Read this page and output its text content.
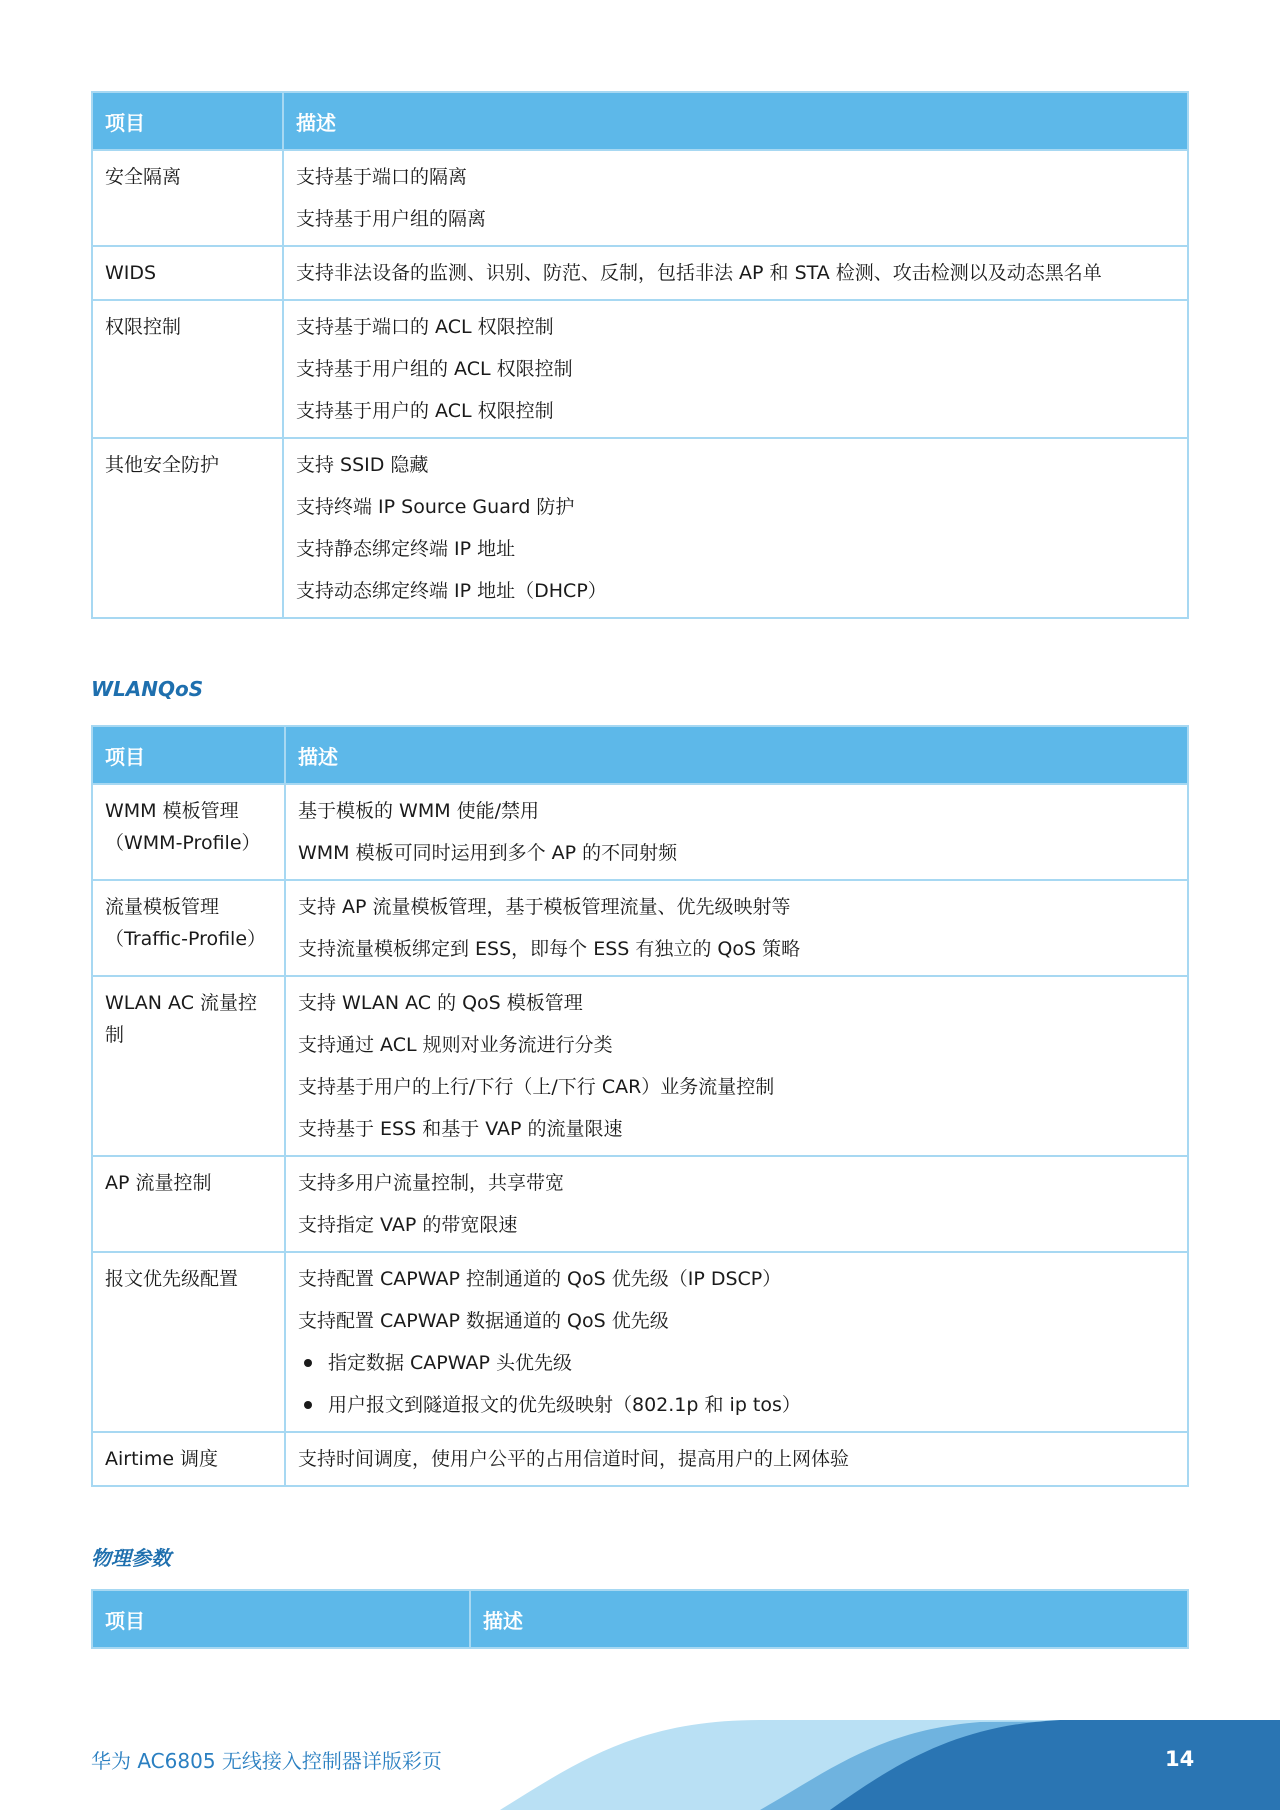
项目	描述
安全隔离	支持基于端口的隔离
支持基于用户组的隔离

WIDS	支持非法设备的监测、识别、防范、反制，包括非法 AP 和 STA 检测、攻击检测以及动态黑名单

权限控制	支持基于端口的 ACL 权限控制
支持基于用户组的 ACL 权限控制
支持基于用户的 ACL 权限控制

其他安全防护	支持 SSID 隐藏
支持终端 IP Source Guard 防护
支持静态绑定终端 IP 地址
支持动态绑定终端 IP 地址（DHCP）
WLANQoS
项目	描述
WMM 模板管理
（WMM-Profile）	基于模板的 WMM 使能/禁用
WMM 模板可同时运用到多个 AP 的不同射频

流量模板管理
（Traffic-Profile）	支持 AP 流量模板管理，基于模板管理流量、优先级映射等
支持流量模板绑定到 ESS，即每个 ESS 有独立的 QoS 策略

WLAN AC 流量控
制	支持 WLAN AC 的 QoS 模板管理
支持通过 ACL 规则对业务流进行分类
支持基于用户的上行/下行（上/下行 CAR）业务流量控制
支持基于 ESS 和基于 VAP 的流量限速

AP 流量控制	支持多用户流量控制，共享带宽
支持指定 VAP 的带宽限速

报文优先级配置	支持配置 CAPWAP 控制通道的 QoS 优先级（IP DSCP）
支持配置 CAPWAP 数据通道的 QoS 优先级
指定数据 CAPWAP 头优先级
用户报文到隧道报文的优先级映射（802.1p 和 ip tos）

Airtime 调度	支持时间调度，使用户公平的占用信道时间，提高用户的上网体验
物理参数
项目	描述
华为 AC6805 无线接入控制器详版彩页	14
